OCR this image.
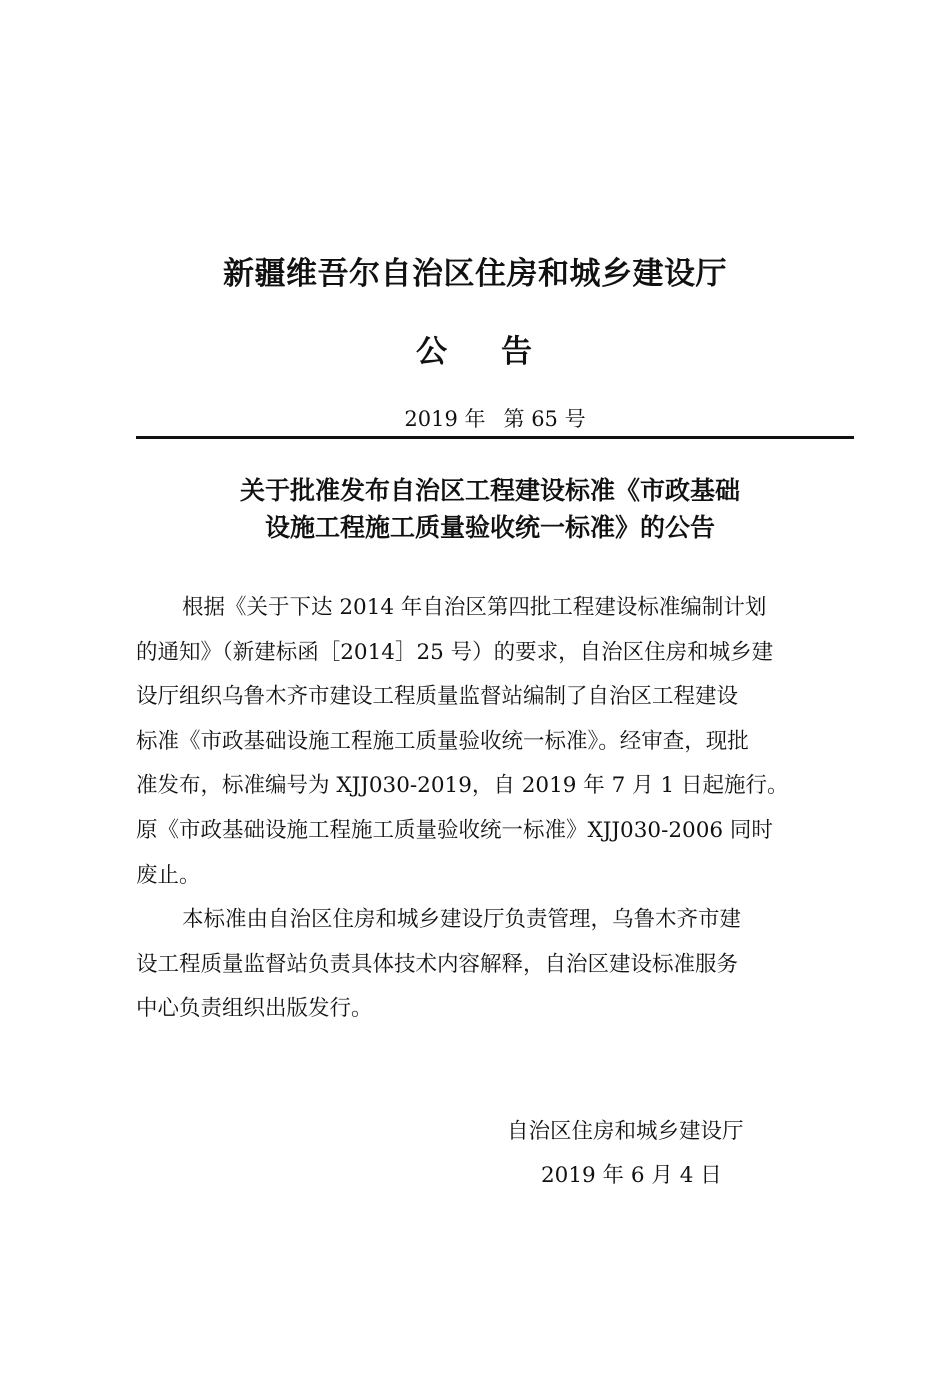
新疆维吾尔自治区住房和城乡建设厅
公 告
2019 年 第 65 号
关于批准发布自治区工程建设标准《市政基础
设施工程施工质量验收统一标准》的公告
根据《关于下达 2014 年自治区第四批工程建设标准编制计划
的通知》（新建标函［2014］25 号）的要求，自治区住房和城乡建
设厅组织乌鲁木齐市建设工程质量监督站编制了自治区工程建设
标准《市政基础设施工程施工质量验收统一标准》。经审查，现批
准发布，标准编号为 XJJ030-2019，自 2019 年 7 月 1 日起施行。
原《市政基础设施工程施工质量验收统一标准》XJJ030-2006 同时
废止。
本标准由自治区住房和城乡建设厅负责管理，乌鲁木齐市建
设工程质量监督站负责具体技术内容解释，自治区建设标准服务
中心负责组织出版发行。
自治区住房和城乡建设厅
2019 年 6 月 4 日
